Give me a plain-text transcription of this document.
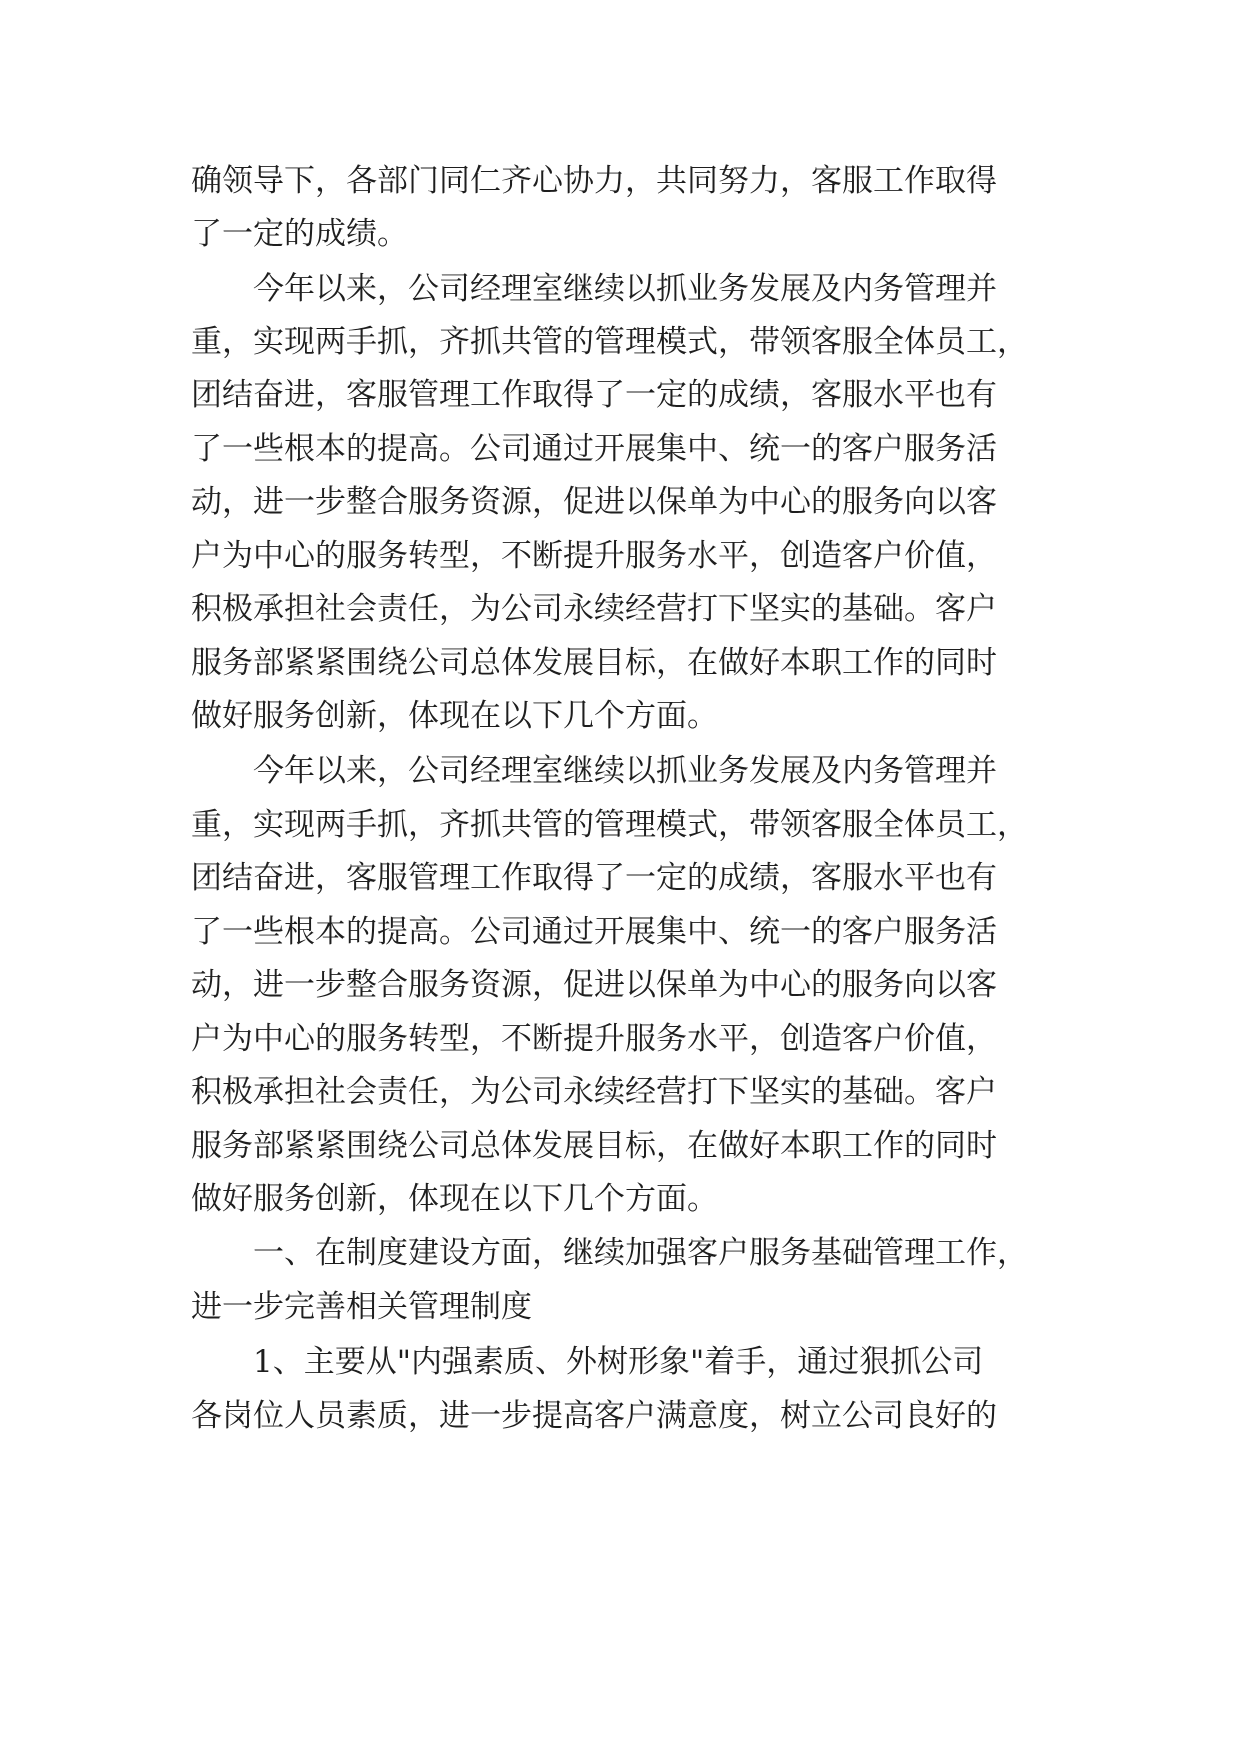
确领导下，各部门同仁齐心协力，共同努力，客服工作取得
了一定的成绩。
今年以来，公司经理室继续以抓业务发展及内务管理并
重，实现两手抓，齐抓共管的管理模式，带领客服全体员工，
团结奋进，客服管理工作取得了一定的成绩，客服水平也有
了一些根本的提高。公司通过开展集中、统一的客户服务活
动，进一步整合服务资源，促进以保单为中心的服务向以客
户为中心的服务转型，不断提升服务水平，创造客户价值，
积极承担社会责任，为公司永续经营打下坚实的基础。客户
服务部紧紧围绕公司总体发展目标，在做好本职工作的同时
做好服务创新，体现在以下几个方面。
今年以来，公司经理室继续以抓业务发展及内务管理并
重，实现两手抓，齐抓共管的管理模式，带领客服全体员工，
团结奋进，客服管理工作取得了一定的成绩，客服水平也有
了一些根本的提高。公司通过开展集中、统一的客户服务活
动，进一步整合服务资源，促进以保单为中心的服务向以客
户为中心的服务转型，不断提升服务水平，创造客户价值，
积极承担社会责任，为公司永续经营打下坚实的基础。客户
服务部紧紧围绕公司总体发展目标，在做好本职工作的同时
做好服务创新，体现在以下几个方面。
一、在制度建设方面，继续加强客户服务基础管理工作，
进一步完善相关管理制度
1、主要从"内强素质、外树形象"着手，通过狠抓公司
各岗位人员素质，进一步提高客户满意度，树立公司良好的
